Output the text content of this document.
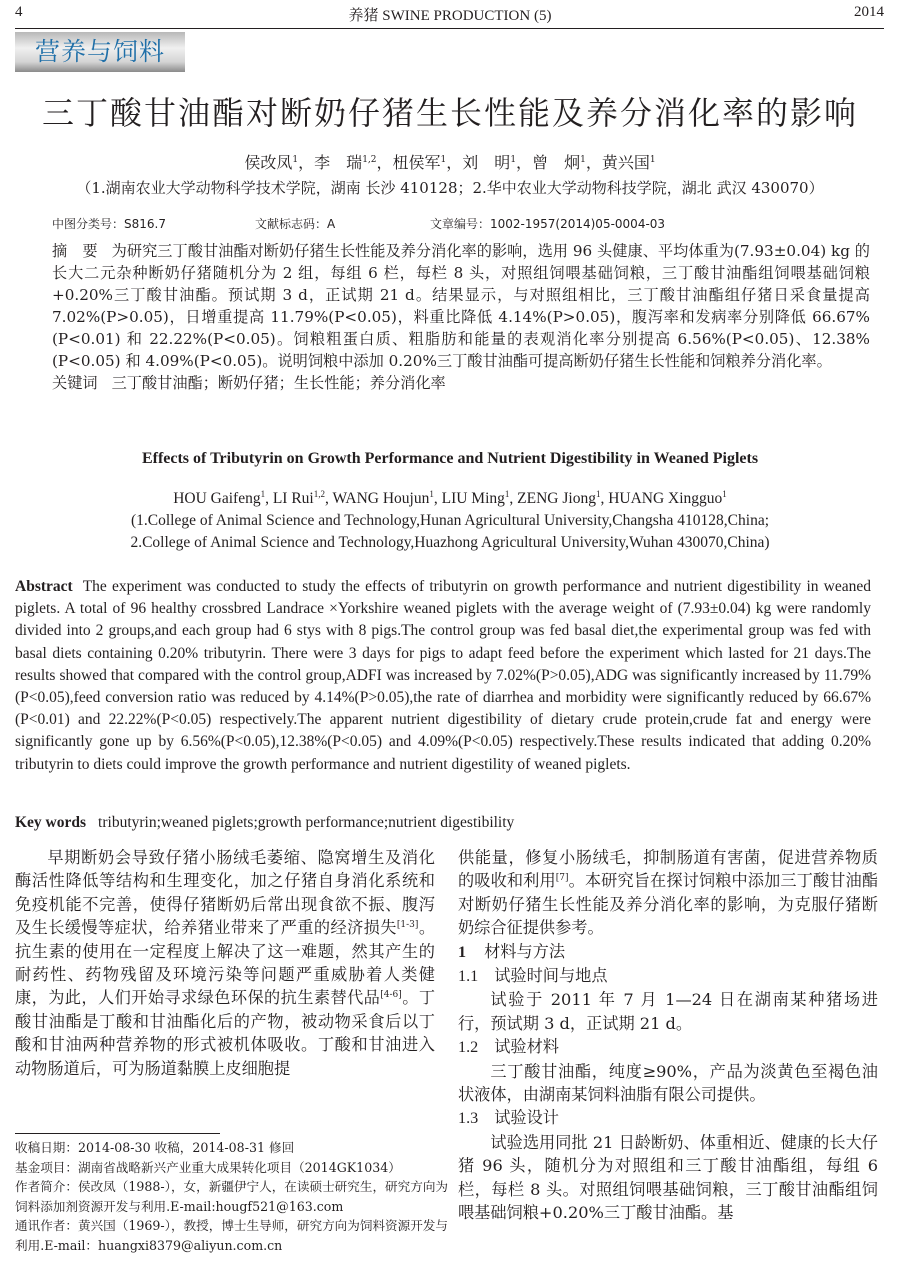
4	养猪 SWINE PRODUCTION (5)	2014
营养与饲料
三丁酸甘油酯对断奶仔猪生长性能及养分消化率的影响
侯改凤$^1$，李　瑞$^{1,2}$，杻侯军$^1$，刘　明$^1$，曾　炯$^1$，黄兴国$^1$
（1.湖南农业大学动物科学技术学院，湖南 长沙 410128；2.华中农业大学动物科技学院，湖北 武汉 430070）
中图分类号：S816.7	文献标志码：A	文章编号：1002-1957(2014)05-0004-03
摘　要 为研究三丁酸甘油酯对断奶仔猪生长性能及养分消化率的影响，选用 96 头健康、平均体重为(7.93±0.04) kg 的长大二元杂种断奶仔猪随机分为 2 组，每组 6 栏，每栏 8 头，对照组饲喂基础饲粮，三丁酸甘油酯组饲喂基础饲粮+0.20%三丁酸甘油酯。预试期 3 d，正试期 21 d。结果显示，与对照组相比，三丁酸甘油酯组仔猪日采食量提高 7.02%(P>0.05)，日增重提高 11.79%(P<0.05)，料重比降低 4.14%(P>0.05)，腹泻率和发病率分别降低 66.67%(P<0.01) 和 22.22%(P<0.05)。饲粮粗蛋白质、粗脂肪和能量的表观消化率分别提高 6.56%(P<0.05)、12.38%(P<0.05) 和 4.09%(P<0.05)。说明饲粮中添加 0.20%三丁酸甘油酯可提高断奶仔猪生长性能和饲粮养分消化率。
关键词 三丁酸甘油酯；断奶仔猪；生长性能；养分消化率
Effects of Tributyrin on Growth Performance and Nutrient Digestibility in Weaned Piglets
HOU Gaifeng$^1$, LI Rui$^{1,2}$, WANG Houjun$^1$, LIU Ming$^1$, ZENG Jiong$^1$, HUANG Xingguo$^1$
(1.College of Animal Science and Technology,Hunan Agricultural University,Changsha 410128,China;
2.College of Animal Science and Technology,Huazhong Agricultural University,Wuhan 430070,China)
Abstract The experiment was conducted to study the effects of tributyrin on growth performance and nutrient digestibility in weaned piglets. A total of 96 healthy crossbred Landrace ×Yorkshire weaned piglets with the average weight of (7.93±0.04) kg were randomly divided into 2 groups,and each group had 6 stys with 8 pigs.The control group was fed basal diet,the experimental group was fed with basal diets containing 0.20% tributyrin. There were 3 days for pigs to adapt feed before the experiment which lasted for 21 days.The results showed that compared with the control group,ADFI was increased by 7.02%(P>0.05),ADG was significantly increased by 11.79%(P<0.05),feed conversion ratio was reduced by 4.14%(P>0.05),the rate of diarrhea and morbidity were significantly reduced by 66.67%(P<0.01) and 22.22%(P<0.05) respectively.The apparent nutrient digestibility of dietary crude protein,crude fat and energy were significantly gone up by 6.56%(P<0.05),12.38%(P<0.05) and 4.09%(P<0.05) respectively.These results indicated that adding 0.20% tributyrin to diets could improve the growth performance and nutrient digestility of weaned piglets.
Key words tributyrin;weaned piglets;growth performance;nutrient digestibility

早期断奶会导致仔猪小肠绒毛萎缩、隐窝增生及消化酶活性降低等结构和生理变化，加之仔猪自身消化系统和免疫机能不完善，使得仔猪断奶后常出现食欲不振、腹泻及生长缓慢等症状，给养猪业带来了严重的经济损失[1-3]。抗生素的使用在一定程度上解决了这一难题，然其产生的耐药性、药物残留及环境污染等问题严重威胁着人类健康，为此，人们开始寻求绿色环保的抗生素替代品[4-6]。丁酸甘油酯是丁酸和甘油酯化后的产物，被动物采食后以丁酸和甘油两种营养物的形式被机体吸收。丁酸和甘油进入动物肠道后，可为肠道黏膜上皮细胞提

收稿日期：2014-08-30 收稿，2014-08-31 修回

基金项目：湖南省战略新兴产业重大成果转化项目（2014GK1034）

作者简介：侯改凤（1988-），女，新疆伊宁人，在读硕士研究生，研究方向为饲料添加剂资源开发与利用.E-mail:hougf521@163.com

通讯作者：黄兴国（1969-），教授，博士生导师，研究方向为饲料资源开发与利用.E-mail：huangxi8379@aliyun.com.cn

供能量，修复小肠绒毛，抑制肠道有害菌，促进营养物质的吸收和利用[7]。本研究旨在探讨饲粮中添加三丁酸甘油酯对断奶仔猪生长性能及养分消化率的影响，为克服仔猪断奶综合征提供参考。

1 材料与方法

1.1 试验时间与地点

试验于 2011 年 7 月 1—24 日在湖南某种猪场进行，预试期 3 d，正试期 21 d。

1.2 试验材料

三丁酸甘油酯，纯度≥90%，产品为淡黄色至褐色油状液体，由湖南某饲料油脂有限公司提供。

1.3 试验设计

试验选用同批 21 日龄断奶、体重相近、健康的长大仔猪 96 头，随机分为对照组和三丁酸甘油酯组，每组 6 栏，每栏 8 头。对照组饲喂基础饲粮，三丁酸甘油酯组饲喂基础饲粮+0.20%三丁酸甘油酯。基
